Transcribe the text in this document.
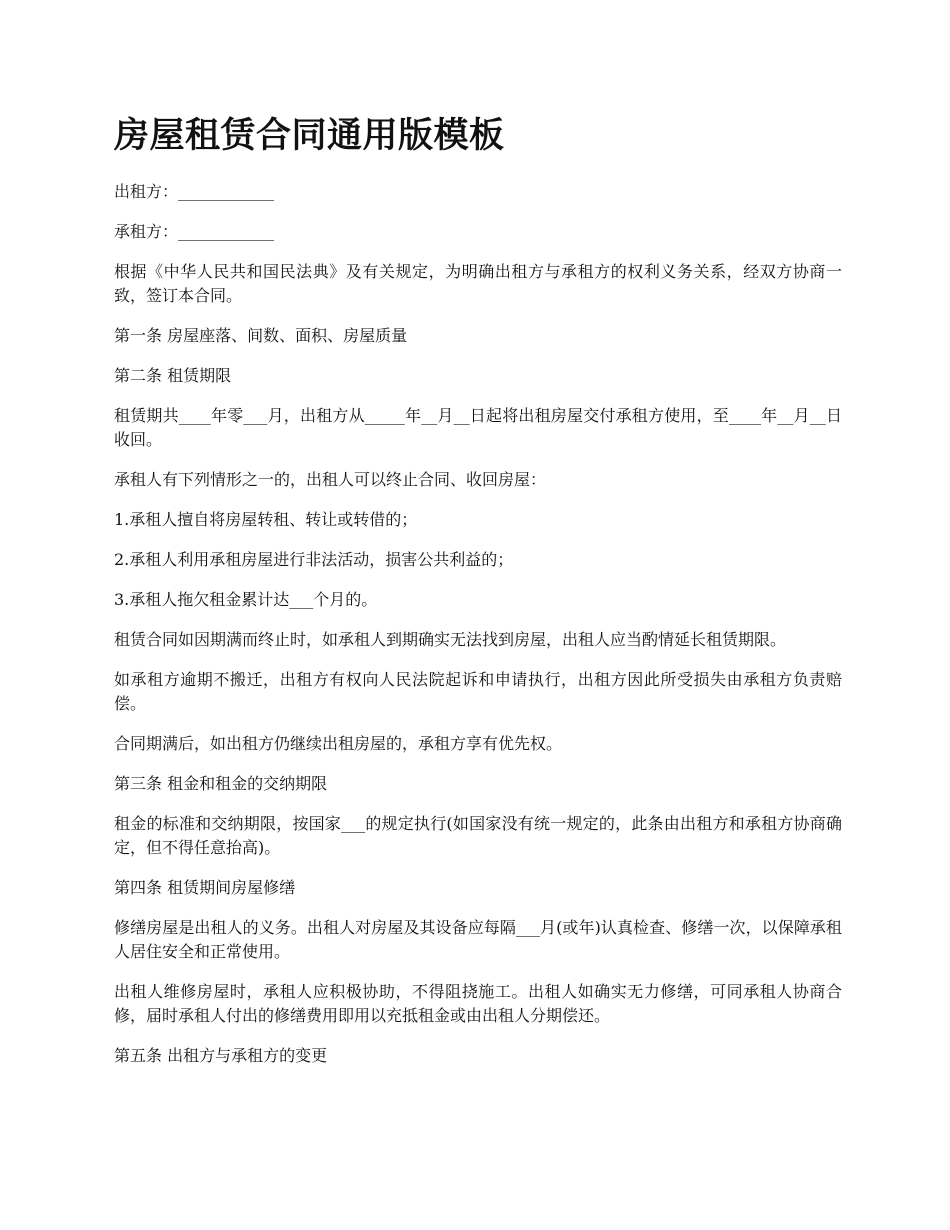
房屋租赁合同通用版模板

出租方：____________

承租方：____________

根据《中华人民共和国民法典》及有关规定，为明确出租方与承租方的权利义务关系，经双方协商一致，签订本合同。

第一条 房屋座落、间数、面积、房屋质量

第二条 租赁期限

租赁期共____年零___月，出租方从_____年__月__日起将出租房屋交付承租方使用，至____年__月__日收回。

承租人有下列情形之一的，出租人可以终止合同、收回房屋：

1.承租人擅自将房屋转租、转让或转借的；

2.承租人利用承租房屋进行非法活动，损害公共利益的；

3.承租人拖欠租金累计达___个月的。

租赁合同如因期满而终止时，如承租人到期确实无法找到房屋，出租人应当酌情延长租赁期限。

如承租方逾期不搬迁，出租方有权向人民法院起诉和申请执行，出租方因此所受损失由承租方负责赔偿。

合同期满后，如出租方仍继续出租房屋的，承租方享有优先权。

第三条 租金和租金的交纳期限

租金的标准和交纳期限，按国家___的规定执行(如国家没有统一规定的，此条由出租方和承租方协商确定，但不得任意抬高)。

第四条 租赁期间房屋修缮

修缮房屋是出租人的义务。出租人对房屋及其设备应每隔___月(或年)认真检查、修缮一次，以保障承租人居住安全和正常使用。

出租人维修房屋时，承租人应积极协助，不得阻挠施工。出租人如确实无力修缮，可同承租人协商合修，届时承租人付出的修缮费用即用以充抵租金或由出租人分期偿还。

第五条 出租方与承租方的变更
